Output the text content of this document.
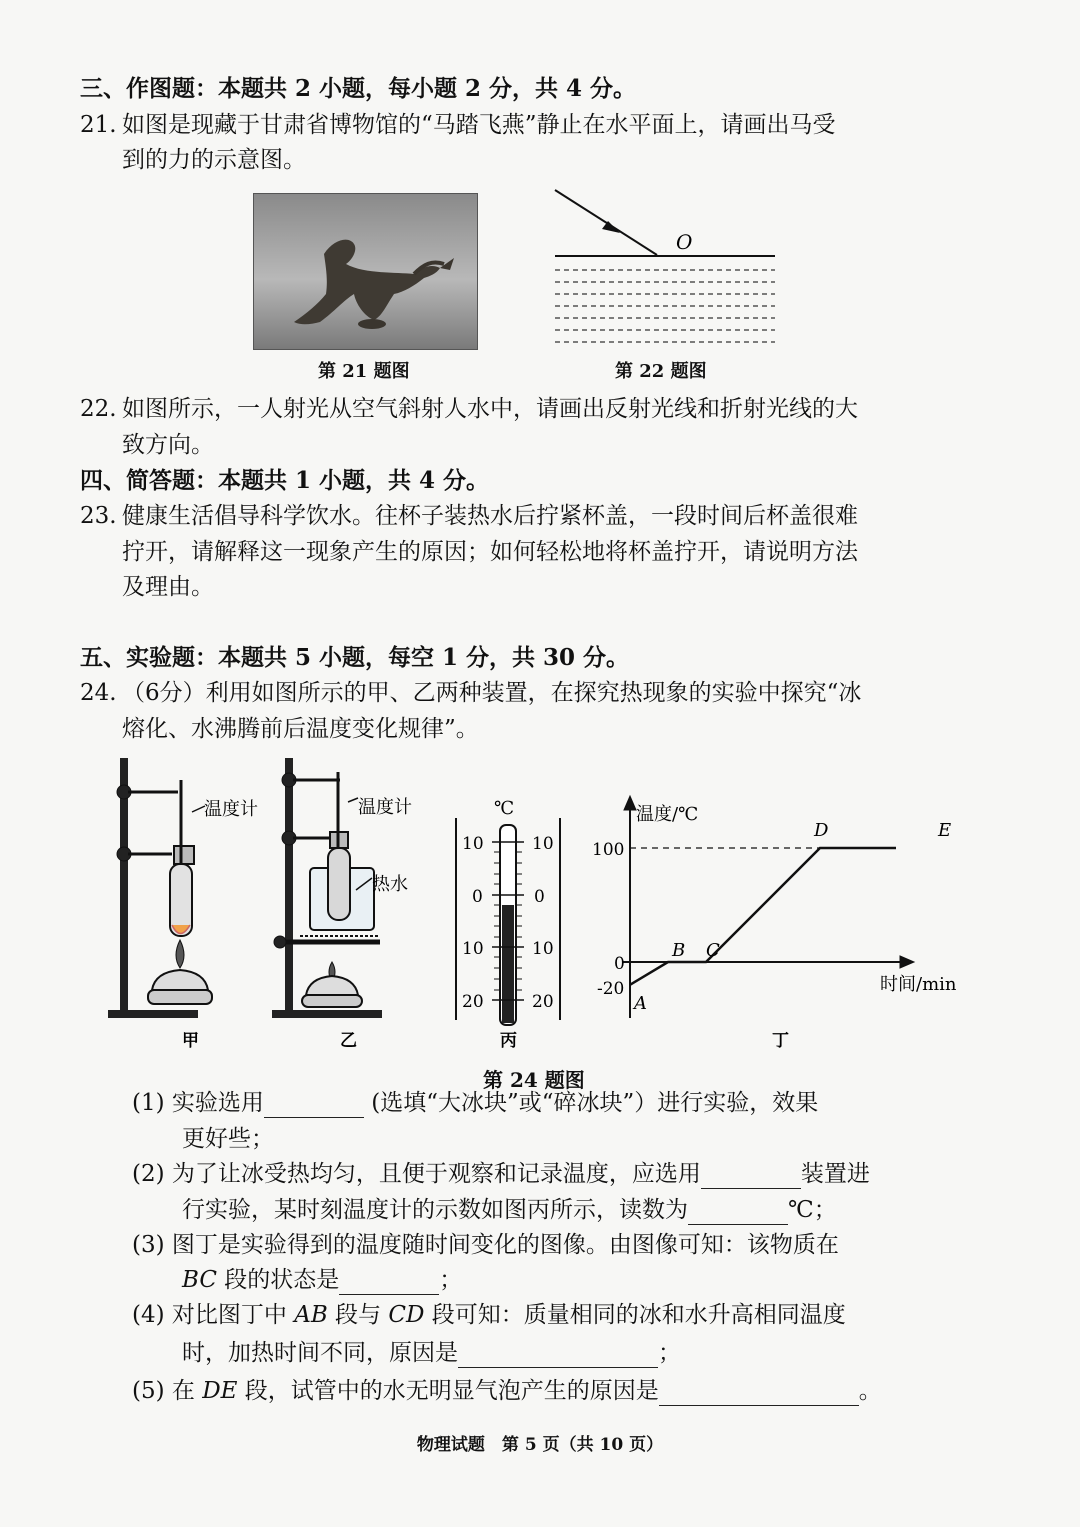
三、作图题：本题共 2 小题，每小题 2 分，共 4 分。
21. 如图是现藏于甘肃省博物馆的“马踏飞燕”静止在水平面上，请画出马受
到的力的示意图。
第 21 题图
O
第 22 题图
22. 如图所示，一人射光从空气斜射人水中，请画出反射光线和折射光线的大
致方向。
四、简答题：本题共 1 小题，共 4 分。
23. 健康生活倡导科学饮水。往杯子装热水后拧紧杯盖，一段时间后杯盖很难
拧开，请解释这一现象产生的原因；如何轻松地将杯盖拧开，请说明方法
及理由。
五、实验题：本题共 5 小题，每空 1 分，共 30 分。
24. （6分）利用如图所示的甲、乙两种装置，在探究热现象的实验中探究“冰
熔化、水沸腾前后温度变化规律”。
温度计
甲
温度计
热水
乙
℃
10
0
10
20
10
0
10
20
丙
温度/℃
时间/min
100
0
-20
A
B C
D	E
丁
第 24 题图
(1) 实验选用	(选填“大冰块”或“碎冰块”）进行实验，效果
更好些；
(2) 为了让冰受热均匀，且便于观察和记录温度，应选用	装置进
行实验，某时刻温度计的示数如图丙所示，读数为	℃；
(3) 图丁是实验得到的温度随时间变化的图像。由图像可知：该物质在
BC 段的状态是	；
(4) 对比图丁中 AB 段与 CD 段可知：质量相同的冰和水升高相同温度
时，加热时间不同，原因是	；
(5) 在 DE 段，试管中的水无明显气泡产生的原因是	。
物理试题　第 5 页（共 10 页）
